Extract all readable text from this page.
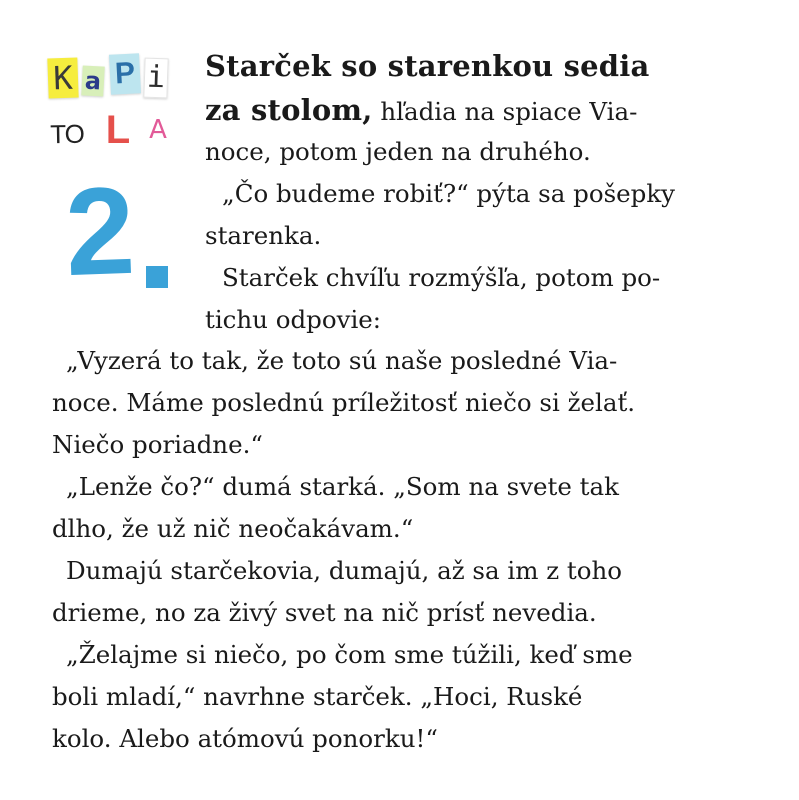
K a P i
TO L A
2
Starček so starenkou sedia
za stolom, hľadia na spiace Via-
noce, potom jeden na druhého.
„Čo budeme robiť?“ pýta sa pošepky
starenka.
Starček chvíľu rozmýšľa, potom po-
tichu odpovie:
„Vyzerá to tak, že toto sú naše posledné Via-
noce. Máme poslednú príležitosť niečo si želať.
Niečo poriadne.“
„Lenže čo?“ dumá starká. „Som na svete tak
dlho, že už nič neočakávam.“
Dumajú starčekovia, dumajú, až sa im z toho
drieme, no za živý svet na nič prísť nevedia.
„Želajme si niečo, po čom sme túžili, keď sme
boli mladí,“ navrhne starček. „Hoci, Ruské
kolo. Alebo atómovú ponorku!“
